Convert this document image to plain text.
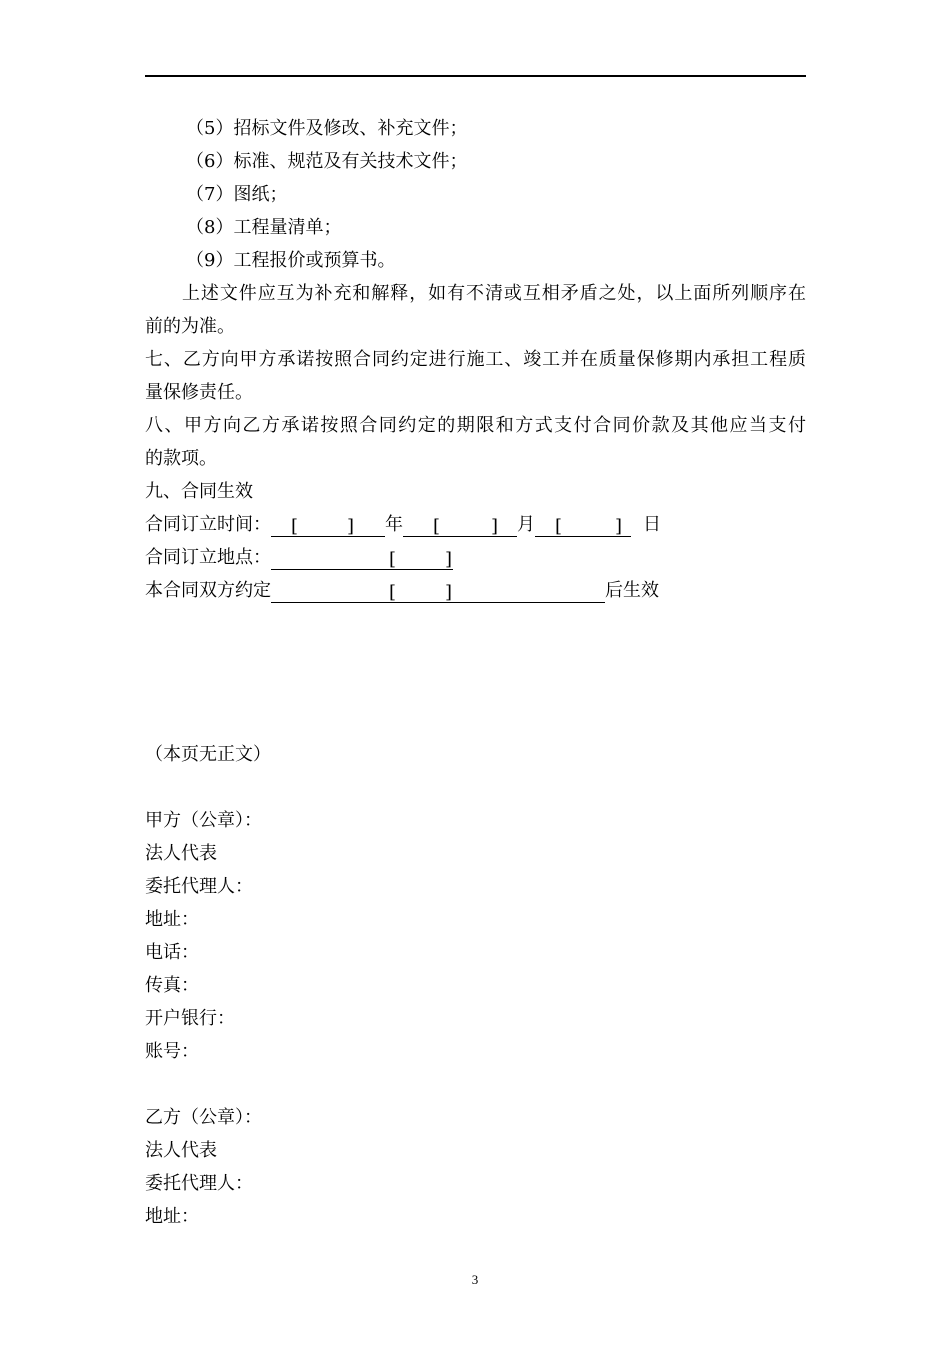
（5）招标文件及修改、补充文件；
（6）标准、规范及有关技术文件；
（7）图纸；
（8）工程量清单；
（9）工程报价或预算书。
上述文件应互为补充和解释，如有不清或互相矛盾之处，以上面所列顺序在
前的为准。
七、乙方向甲方承诺按照合同约定进行施工、竣工并在质量保修期内承担工程质
量保修责任。
八、甲方向乙方承诺按照合同约定的期限和方式支付合同价款及其他应当支付
的款项。
九、合同生效
合同订立时间： [	] 年 [	] 月 [	] 日
合同订立地点：	[	]
本合同双方约定	[	]	后生效
（本页无正文）
甲方（公章）：
法人代表
委托代理人：
地址：
电话：
传真：
开户银行：
账号：
乙方（公章）：
法人代表
委托代理人：
地址：
3
